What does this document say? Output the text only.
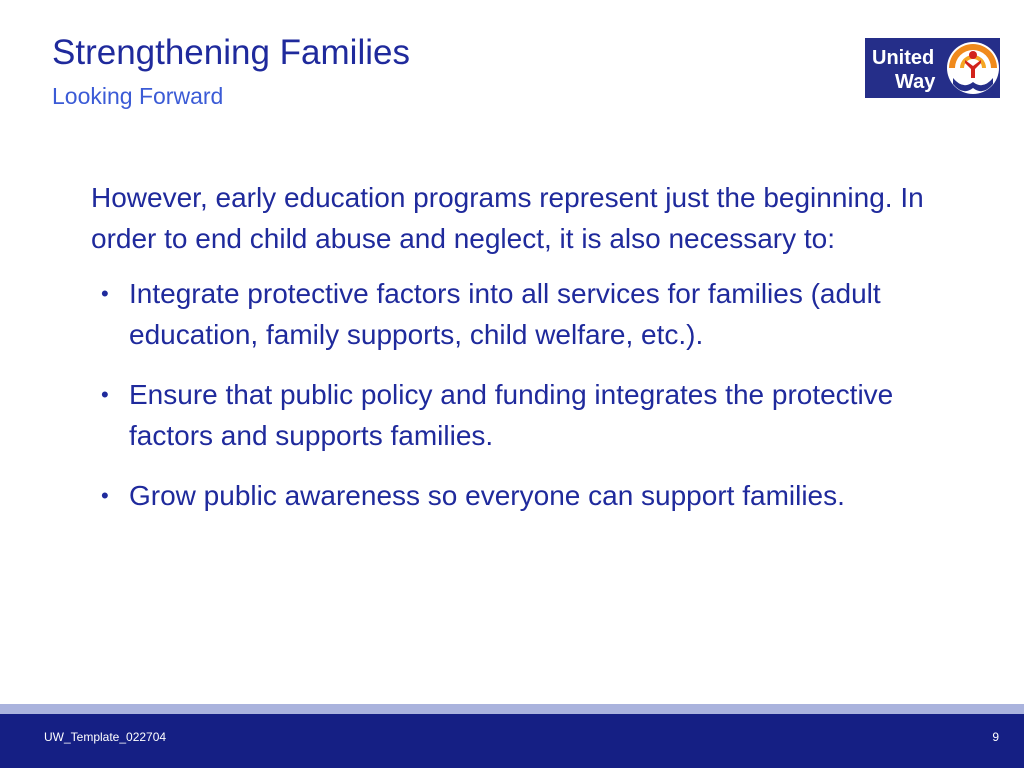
Strengthening Families
Looking Forward
United
Way
®

However, early education programs represent just the beginning. In order to end child abuse and neglect, it is also necessary to:

• Integrate protective factors into all services for families (adult education, family supports, child welfare, etc.).
• Ensure that public policy and funding integrates the protective factors and supports families.
• Grow public awareness so everyone can support families.
UW_Template_022704	9
